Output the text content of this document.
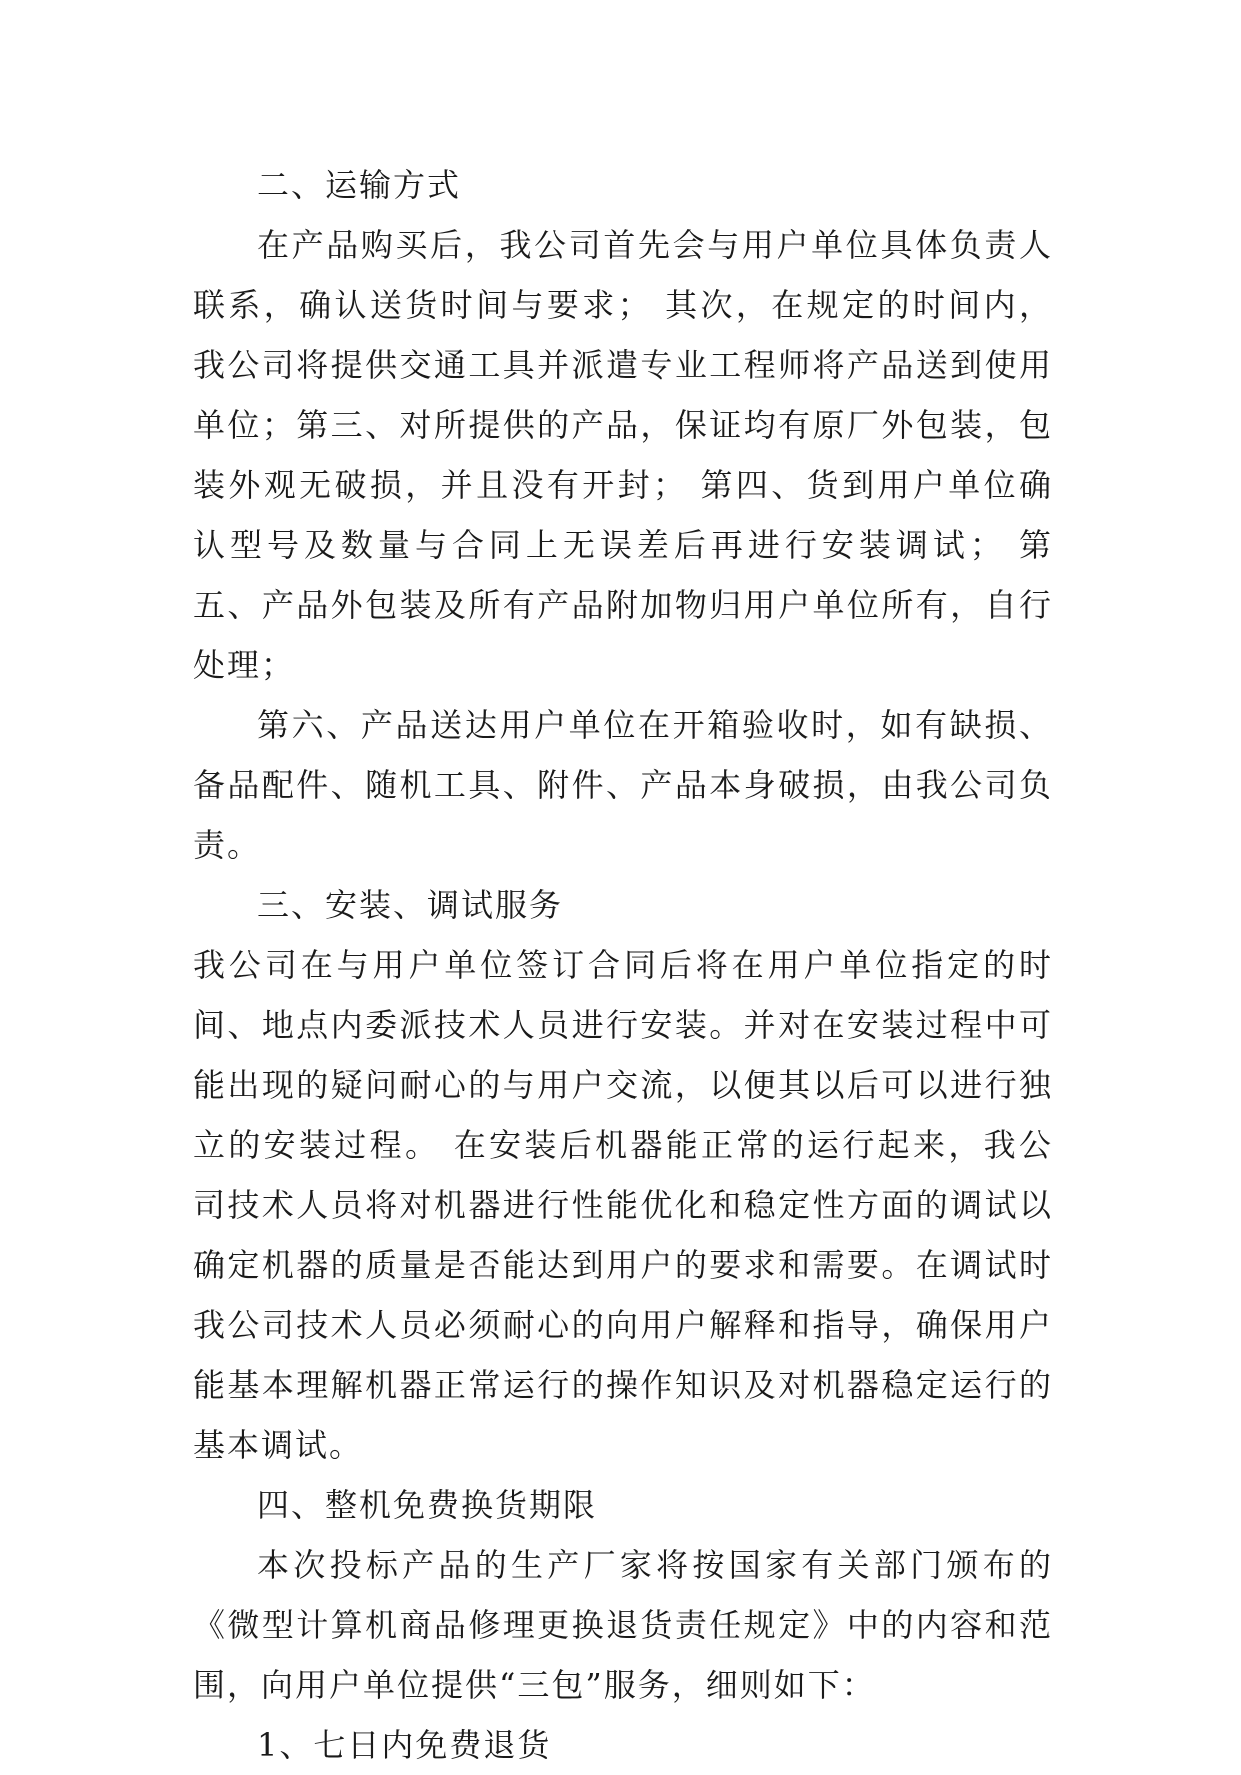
二、运输方式

在产品购买后，我公司首先会与用户单位具体负责人联系，确认送货时间与要求； 其次，在规定的时间内，我公司将提供交通工具并派遣专业工程师将产品送到使用单位；第三、对所提供的产品，保证均有原厂外包装，包装外观无破损，并且没有开封； 第四、货到用户单位确认型号及数量与合同上无误差后再进行安装调试； 第五、产品外包装及所有产品附加物归用户单位所有，自行处理；

第六、产品送达用户单位在开箱验收时，如有缺损、备品配件、随机工具、附件、产品本身破损，由我公司负责。

三、安装、调试服务

我公司在与用户单位签订合同后将在用户单位指定的时间、地点内委派技术人员进行安装。并对在安装过程中可能出现的疑问耐心的与用户交流，以便其以后可以进行独立的安装过程。 在安装后机器能正常的运行起来，我公司技术人员将对机器进行性能优化和稳定性方面的调试以确定机器的质量是否能达到用户的要求和需要。在调试时我公司技术人员必须耐心的向用户解释和指导，确保用户能基本理解机器正常运行的操作知识及对机器稳定运行的基本调试。

四、整机免费换货期限

本次投标产品的生产厂家将按国家有关部门颁布的《微型计算机商品修理更换退货责任规定》中的内容和范围，向用户单位提供“三包”服务，细则如下：

1、七日内免费退货
